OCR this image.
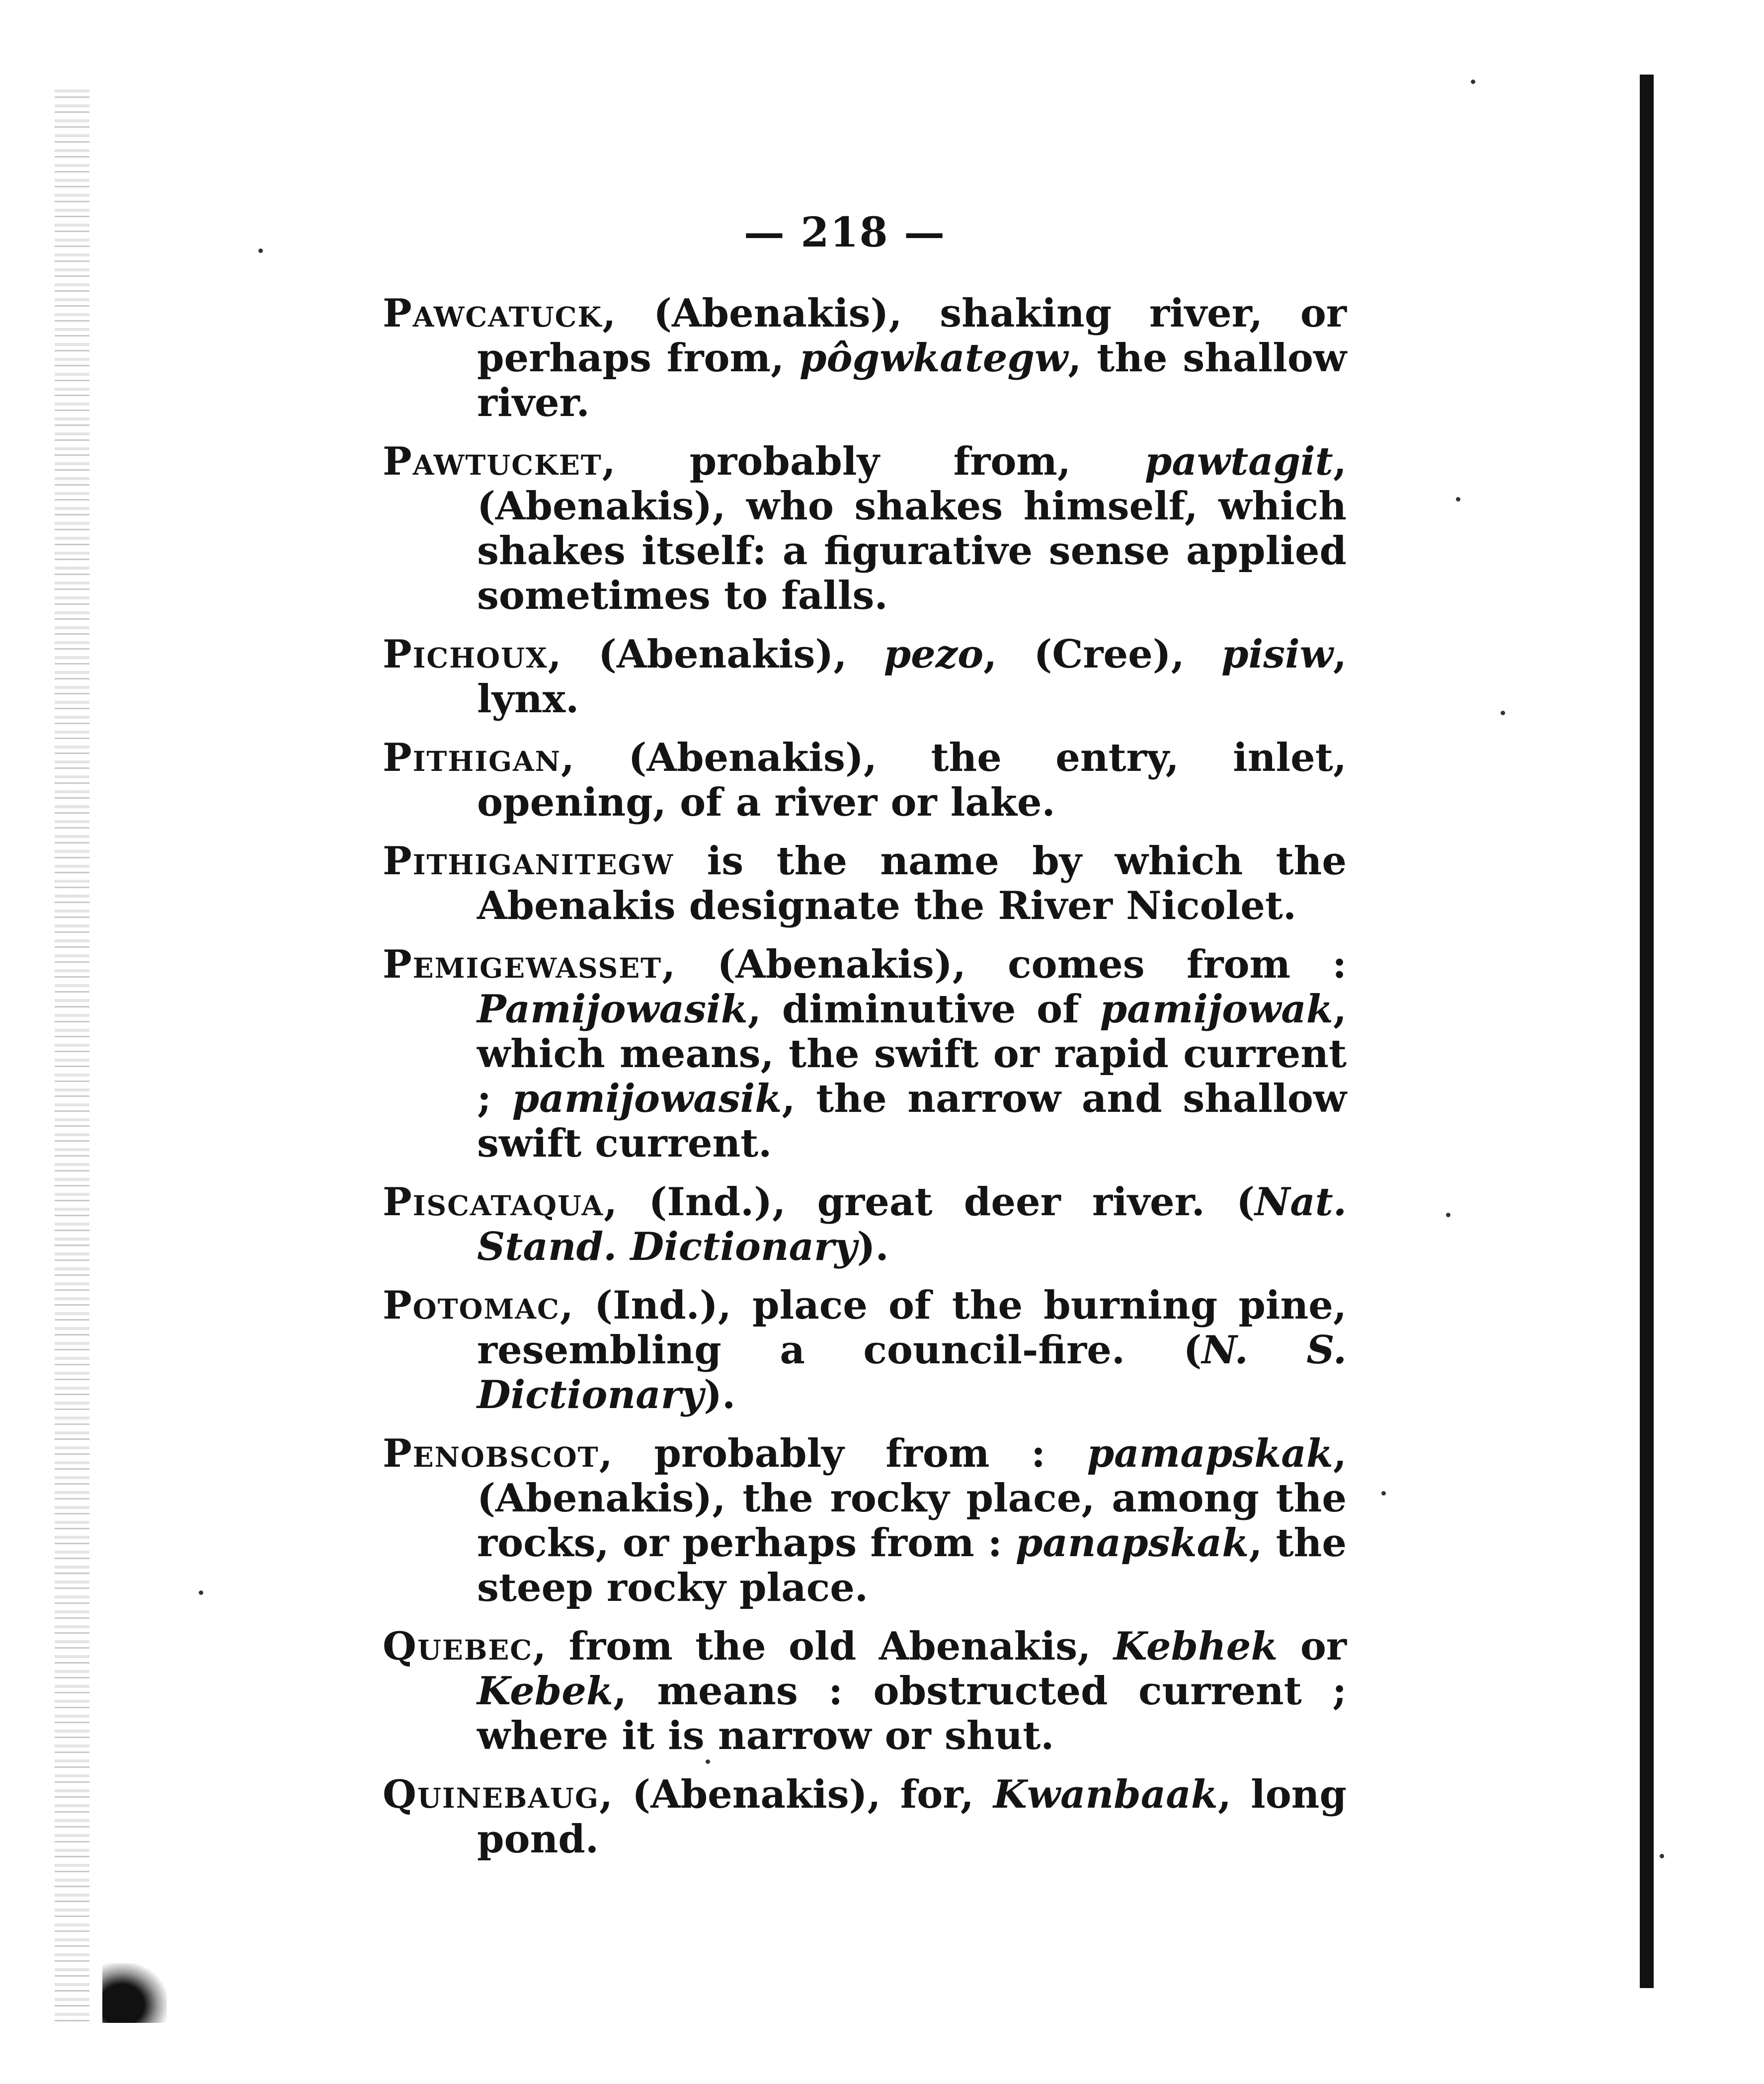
— 218 —

Pawcatuck, (Abenakis), shaking river, or perhaps from, pôgwkategw, the shallow river.

Pawtucket, probably from, pawtagit, (Abenakis), who shakes himself, which shakes itself: a figurative sense applied sometimes to falls.

Pichoux, (Abenakis), pezo, (Cree), pisiw, lynx.

Pithigan, (Abenakis), the entry, inlet, opening, of a river or lake.

Pithiganitegw is the name by which the Abenakis designate the River Nicolet.

Pemigewasset, (Abenakis), comes from : Pamijowasik, diminutive of pamijowak, which means, the swift or rapid current ; pamijowasik, the narrow and shallow swift current.

Piscataqua, (Ind.), great deer river. (Nat. Stand. Dictionary).

Potomac, (Ind.), place of the burning pine, resembling a council-fire. (N. S. Dictionary).

Penobscot, probably from : pamapskak, (Abenakis), the rocky place, among the rocks, or perhaps from : panapskak, the steep rocky place.

Quebec, from the old Abenakis, Kebhek or Kebek, means : obstructed current ; where it is narrow or shut.

Quinebaug, (Abenakis), for, Kwanbaak, long pond.
